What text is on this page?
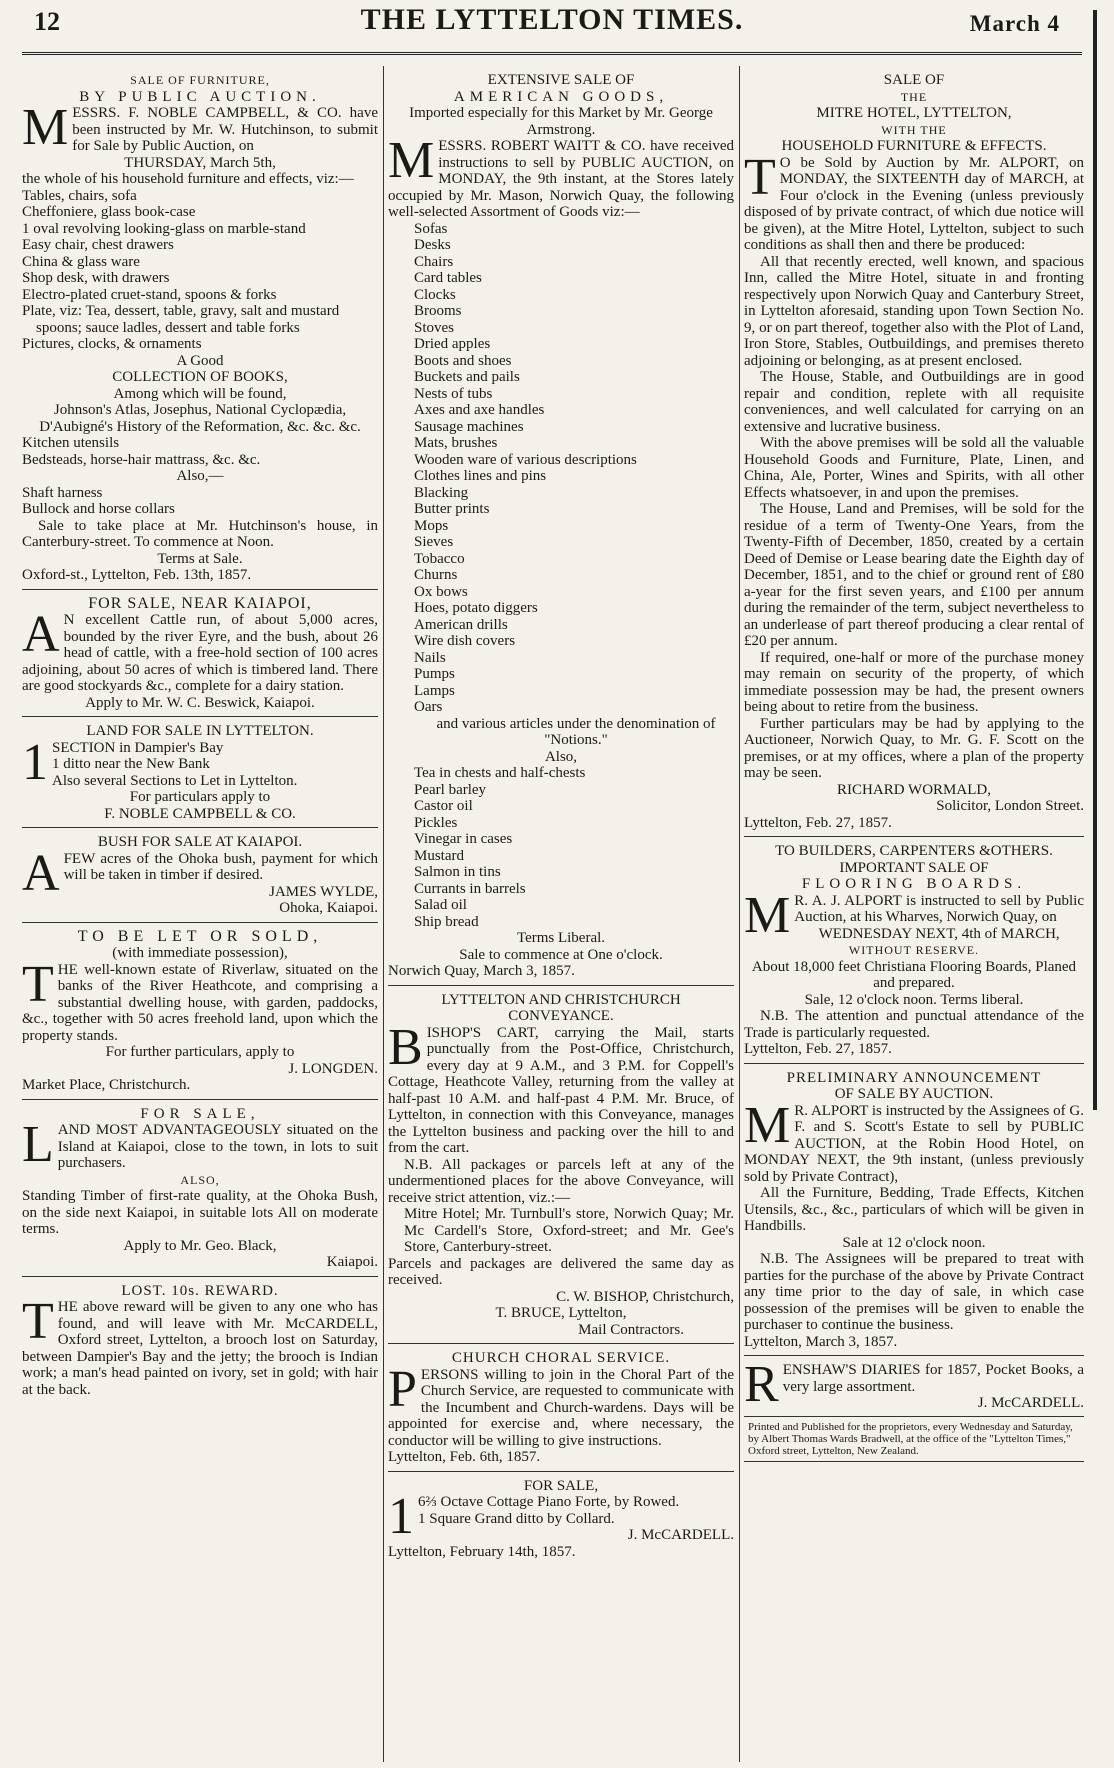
12	THE LYTTELTON TIMES.	March 4
SALE OF FURNITURE,
BY PUBLIC AUCTION.

MESSRS. F. NOBLE CAMPBELL, & CO. have been instructed by Mr. W. Hutchinson, to submit for Sale by Public Auction, on

THURSDAY, March 5th,

the whole of his household furniture and effects, viz:—

Tables, chairs, sofa
Cheffoniere, glass book-case
1 oval revolving looking-glass on marble-stand
Easy chair, chest drawers
China & glass ware
Shop desk, with drawers
Electro-plated cruet-stand, spoons & forks
Plate, viz: Tea, dessert, table, gravy, salt and mustard spoons; sauce ladles, dessert and table forks
Pictures, clocks, & ornaments
A Good
COLLECTION OF BOOKS,
Among which will be found,

Johnson's Atlas, Josephus, National Cyclopædia, D'Aubigné's History of the Reformation, &c. &c. &c.

Kitchen utensils
Bedsteads, horse-hair mattrass, &c. &c.
Also,—
Shaft harness
Bullock and horse collars

Sale to take place at Mr. Hutchinson's house, in Canterbury-street. To commence at Noon.

Terms at Sale.
Oxford-st., Lyttelton, Feb. 13th, 1857.
FOR SALE, NEAR KAIAPOI,

A N excellent Cattle run, of about 5,000 acres, bounded by the river Eyre, and the bush, about 26 head of cattle, with a free-hold section of 100 acres adjoining, about 50 acres of which is timbered land. There are good stockyards &c., complete for a dairy station.

Apply to Mr. W. C. Beswick, Kaiapoi.
LAND FOR SALE IN LYTTELTON.
1 SECTION in Dampier's Bay
1 ditto near the New Bank
Also several Sections to Let in Lyttelton.
For particulars apply to
F. NOBLE CAMPBELL & CO.
BUSH FOR SALE AT KAIAPOI.

AFEW acres of the Ohoka bush, payment for which will be taken in timber if desired.

JAMES WYLDE,
Ohoka, Kaiapoi.
TO BE LET OR SOLD,
(with immediate possession),

THE well-known estate of Riverlaw, situated on the banks of the River Heathcote, and comprising a substantial dwelling house, with garden, paddocks, &c., together with 50 acres freehold land, upon which the property stands.

For further particulars, apply to
J. LONGDEN.
Market Place, Christchurch.
FOR SALE,

LAND MOST ADVANTAGEOUSLY situated on the Island at Kaiapoi, close to the town, in lots to suit purchasers.

ALSO,

Standing Timber of first-rate quality, at the Ohoka Bush, on the side next Kaiapoi, in suitable lots All on moderate terms.

Apply to Mr. Geo. Black,
Kaiapoi.
LOST. 10s. REWARD.

THE above reward will be given to any one who has found, and will leave with Mr. McCARDELL, Oxford street, Lyttelton, a brooch lost on Saturday, between Dampier's Bay and the jetty; the brooch is Indian work; a man's head painted on ivory, set in gold; with hair at the back.

EXTENSIVE SALE OF
AMERICAN GOODS,

Imported especially for this Market by Mr. George Armstrong.

MESSRS. ROBERT WAITT & CO. have received instructions to sell by PUBLIC AUCTION, on MONDAY, the 9th instant, at the Stores lately occupied by Mr. Mason, Norwich Quay, the following well-selected Assortment of Goods viz:—

Sofas
Desks
Chairs
Card tables
Clocks
Brooms
Stoves
Dried apples
Boots and shoes
Buckets and pails
Nests of tubs
Axes and axe handles
Sausage machines
Mats, brushes
Wooden ware of various descriptions
Clothes lines and pins
Blacking
Butter prints
Mops
Sieves
Tobacco
Churns
Ox bows
Hoes, potato diggers
American drills
Wire dish covers
Nails
Pumps
Lamps
Oars

and various articles under the denomination of "Notions."

Also,
Tea in chests and half-chests
Pearl barley
Castor oil
Pickles
Vinegar in cases
Mustard
Salmon in tins
Currants in barrels
Salad oil
Ship bread
Terms Liberal.
Sale to commence at One o'clock.
Norwich Quay, March 3, 1857.
LYTTELTON AND CHRISTCHURCH CONVEYANCE.

BISHOP'S CART, carrying the Mail, starts punctually from the Post-Office, Christchurch, every day at 9 A.M., and 3 P.M. for Coppell's Cottage, Heathcote Valley, returning from the valley at half-past 10 A.M. and half-past 4 P.M. Mr. Bruce, of Lyttelton, in connection with this Conveyance, manages the Lyttelton business and packing over the hill to and from the cart.

N.B. All packages or parcels left at any of the undermentioned places for the above Conveyance, will receive strict attention, viz.:—

Mitre Hotel; Mr. Turnbull's store, Norwich Quay; Mr. Mc Cardell's Store, Oxford-street; and Mr. Gee's Store, Canterbury-street.

Parcels and packages are delivered the same day as received.

C. W. BISHOP, Christchurch,
T. BRUCE, Lyttelton,
Mail Contractors.
CHURCH CHORAL SERVICE.

PERSONS willing to join in the Choral Part of the Church Service, are requested to communicate with the Incumbent and Church-wardens. Days will be appointed for exercise and, where necessary, the conductor will be willing to give instructions.

Lyttelton, Feb. 6th, 1857.
FOR SALE,

1 6⅔ Octave Cottage Piano Forte, by Rowed.

1 Square Grand ditto by Collard.
J. McCARDELL.
Lyttelton, February 14th, 1857.
SALE OF
THE
MITRE HOTEL, LYTTELTON,
WITH THE
HOUSEHOLD FURNITURE & EFFECTS.

T O be Sold by Auction by Mr. ALPORT, on MONDAY, the SIXTEENTH day of MARCH, at Four o'clock in the Evening (unless previously disposed of by private contract, of which due notice will be given), at the Mitre Hotel, Lyttelton, subject to such conditions as shall then and there be produced:

All that recently erected, well known, and spacious Inn, called the Mitre Hotel, situate in and fronting respectively upon Norwich Quay and Canterbury Street, in Lyttelton aforesaid, standing upon Town Section No. 9, or on part thereof, together also with the Plot of Land, Iron Store, Stables, Outbuildings, and premises thereto adjoining or belonging, as at present enclosed.

The House, Stable, and Outbuildings are in good repair and condition, replete with all requisite conveniences, and well calculated for carrying on an extensive and lucrative business.

With the above premises will be sold all the valuable Household Goods and Furniture, Plate, Linen, and China, Ale, Porter, Wines and Spirits, with all other Effects whatsoever, in and upon the premises.

The House, Land and Premises, will be sold for the residue of a term of Twenty-One Years, from the Twenty-Fifth of December, 1850, created by a certain Deed of Demise or Lease bearing date the Eighth day of December, 1851, and to the chief or ground rent of £80 a-year for the first seven years, and £100 per annum during the remainder of the term, subject nevertheless to an underlease of part thereof producing a clear rental of £20 per annum.

If required, one-half or more of the purchase money may remain on security of the property, of which immediate possession may be had, the present owners being about to retire from the business.

Further particulars may be had by applying to the Auctioneer, Norwich Quay, to Mr. G. F. Scott on the premises, or at my offices, where a plan of the property may be seen.

RICHARD WORMALD,
Solicitor, London Street.
Lyttelton, Feb. 27, 1857.
TO BUILDERS, CARPENTERS &OTHERS.
IMPORTANT SALE OF
FLOORING BOARDS.

M R. A. J. ALPORT is instructed to sell by Public Auction, at his Wharves, Norwich Quay, on

WEDNESDAY NEXT, 4th of MARCH,
WITHOUT RESERVE.

About 18,000 feet Christiana Flooring Boards, Planed and prepared.

Sale, 12 o'clock noon. Terms liberal.

N.B. The attention and punctual attendance of the Trade is particularly requested.

Lyttelton, Feb. 27, 1857.
PRELIMINARY ANNOUNCEMENT
OF SALE BY AUCTION.

M R. ALPORT is instructed by the Assignees of G. F. and S. Scott's Estate to sell by PUBLIC AUCTION, at the Robin Hood Hotel, on MONDAY NEXT, the 9th instant, (unless previously sold by Private Contract),

All the Furniture, Bedding, Trade Effects, Kitchen Utensils, &c., &c., particulars of which will be given in Handbills.

Sale at 12 o'clock noon.

N.B. The Assignees will be prepared to treat with parties for the purchase of the above by Private Contract any time prior to the day of sale, in which case possession of the premises will be given to enable the purchaser to continue the business.

Lyttelton, March 3, 1857.

RENSHAW'S DIARIES for 1857, Pocket Books, a very large assortment.

J. McCARDELL.
Printed and Published for the proprietors, every Wednesday and Saturday, by Albert Thomas Wards Bradwell, at the office of the "Lyttelton Times," Oxford street, Lyttelton, New Zealand.
